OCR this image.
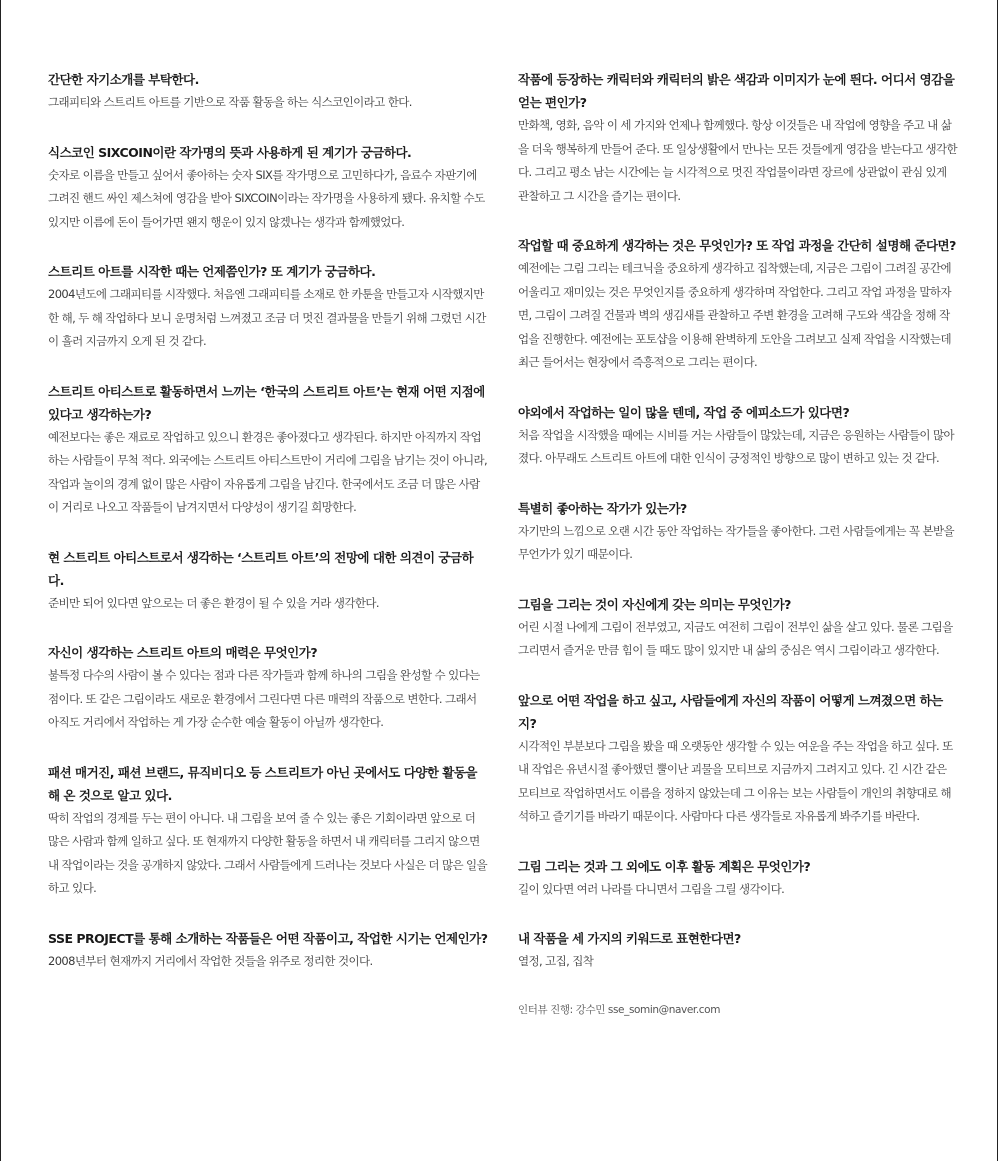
간단한 자기소개를 부탁한다.
그래피티와 스트리트 아트를 기반으로 작품 활동을 하는 식스코인이라고 한다.
식스코인 SIXCOIN이란 작가명의 뜻과 사용하게 된 계기가 궁금하다.
숫자로 이름을 만들고 싶어서 좋아하는 숫자 SIX를 작가명으로 고민하다가, 음료수 자판기에 그려진 핸드 싸인 제스쳐에 영감을 받아 SIXCOIN이라는 작가명을 사용하게 됐다. 유치할 수도 있지만 이름에 돈이 들어가면 왠지 행운이 있지 않겠나는 생각과 함께했었다.
스트리트 아트를 시작한 때는 언제쯤인가? 또 계기가 궁금하다.
2004년도에 그래피티를 시작했다. 처음엔 그래피티를 소재로 한 카툰을 만들고자 시작했지만 한 해, 두 해 작업하다 보니 운명처럼 느껴졌고 조금 더 멋진 결과물을 만들기 위해 그렸던 시간이 흘러 지금까지 오게 된 것 같다.
스트리트 아티스트로 활동하면서 느끼는 ‘한국의 스트리트 아트’는 현재 어떤 지점에 있다고 생각하는가?
예전보다는 좋은 재료로 작업하고 있으니 환경은 좋아졌다고 생각된다. 하지만 아직까지 작업하는 사람들이 무척 적다. 외국에는 스트리트 아티스트만이 거리에 그림을 남기는 것이 아니라, 작업과 놀이의 경계 없이 많은 사람이 자유롭게 그림을 남긴다. 한국에서도 조금 더 많은 사람이 거리로 나오고 작품들이 남겨지면서 다양성이 생기길 희망한다.
현 스트리트 아티스트로서 생각하는 ‘스트리트 아트’의 전망에 대한 의견이 궁금하다.
준비만 되어 있다면 앞으로는 더 좋은 환경이 될 수 있을 거라 생각한다.
자신이 생각하는 스트리트 아트의 매력은 무엇인가?
불특정 다수의 사람이 볼 수 있다는 점과 다른 작가들과 함께 하나의 그림을 완성할 수 있다는 점이다. 또 같은 그림이라도 새로운 환경에서 그린다면 다른 매력의 작품으로 변한다. 그래서 아직도 거리에서 작업하는 게 가장 순수한 예술 활동이 아닐까 생각한다.
패션 매거진, 패션 브랜드, 뮤직비디오 등 스트리트가 아닌 곳에서도 다양한 활동을 해 온 것으로 알고 있다.
딱히 작업의 경계를 두는 편이 아니다. 내 그림을 보여 줄 수 있는 좋은 기회이라면 앞으로 더 많은 사람과 함께 일하고 싶다. 또 현재까지 다양한 활동을 하면서 내 캐릭터를 그리지 않으면 내 작업이라는 것을 공개하지 않았다. 그래서 사람들에게 드러나는 것보다 사실은 더 많은 일을 하고 있다.
SSE PROJECT를 통해 소개하는 작품들은 어떤 작품이고, 작업한 시기는 언제인가?
2008년부터 현재까지 거리에서 작업한 것들을 위주로 정리한 것이다.
작품에 등장하는 캐릭터와 캐릭터의 밝은 색감과 이미지가 눈에 띈다. 어디서 영감을 얻는 편인가?
만화책, 영화, 음악 이 세 가지와 언제나 함께했다. 항상 이것들은 내 작업에 영향을 주고 내 삶을 더욱 행복하게 만들어 준다. 또 일상생활에서 만나는 모든 것들에게 영감을 받는다고 생각한다. 그리고 평소 남는 시간에는 늘 시각적으로 멋진 작업물이라면 장르에 상관없이 관심 있게 관찰하고 그 시간을 즐기는 편이다.
작업할 때 중요하게 생각하는 것은 무엇인가? 또 작업 과정을 간단히 설명해 준다면?
예전에는 그림 그리는 테크닉을 중요하게 생각하고 집착했는데, 지금은 그림이 그려질 공간에 어울리고 재미있는 것은 무엇인지를 중요하게 생각하며 작업한다. 그리고 작업 과정을 말하자면, 그림이 그려질 건물과 벽의 생김새를 관찰하고 주변 환경을 고려해 구도와 색감을 정해 작업을 진행한다. 예전에는 포토샵을 이용해 완벽하게 도안을 그려보고 실제 작업을 시작했는데 최근 들어서는 현장에서 즉흥적으로 그리는 편이다.
야외에서 작업하는 일이 많을 텐데, 작업 중 에피소드가 있다면?
처음 작업을 시작했을 때에는 시비를 거는 사람들이 많았는데, 지금은 응원하는 사람들이 많아졌다. 아무래도 스트리트 아트에 대한 인식이 긍정적인 방향으로 많이 변하고 있는 것 같다.
특별히 좋아하는 작가가 있는가?
자기만의 느낌으로 오랜 시간 동안 작업하는 작가들을 좋아한다. 그런 사람들에게는 꼭 본받을 무언가가 있기 때문이다.
그림을 그리는 것이 자신에게 갖는 의미는 무엇인가?
어린 시절 나에게 그림이 전부였고, 지금도 여전히 그림이 전부인 삶을 살고 있다. 물론 그림을 그리면서 즐거운 만큼 힘이 들 때도 많이 있지만 내 삶의 중심은 역시 그림이라고 생각한다.
앞으로 어떤 작업을 하고 싶고, 사람들에게 자신의 작품이 어떻게 느껴졌으면 하는지?
시각적인 부분보다 그림을 봤을 때 오랫동안 생각할 수 있는 여운을 주는 작업을 하고 싶다. 또 내 작업은 유년시절 좋아했던 뿔이난 괴물을 모티브로 지금까지 그려지고 있다. 긴 시간 같은 모티브로 작업하면서도 이름을 정하지 않았는데 그 이유는 보는 사람들이 개인의 취향대로 해석하고 즐기기를 바라기 때문이다. 사람마다 다른 생각들로 자유롭게 봐주기를 바란다.
그림 그리는 것과 그 외에도 이후 활동 계획은 무엇인가?
길이 있다면 여러 나라를 다니면서 그림을 그릴 생각이다.
내 작품을 세 가지의 키워드로 표현한다면?
열정, 고집, 집착
인터뷰 진행: 강수민 sse_somin@naver.com
